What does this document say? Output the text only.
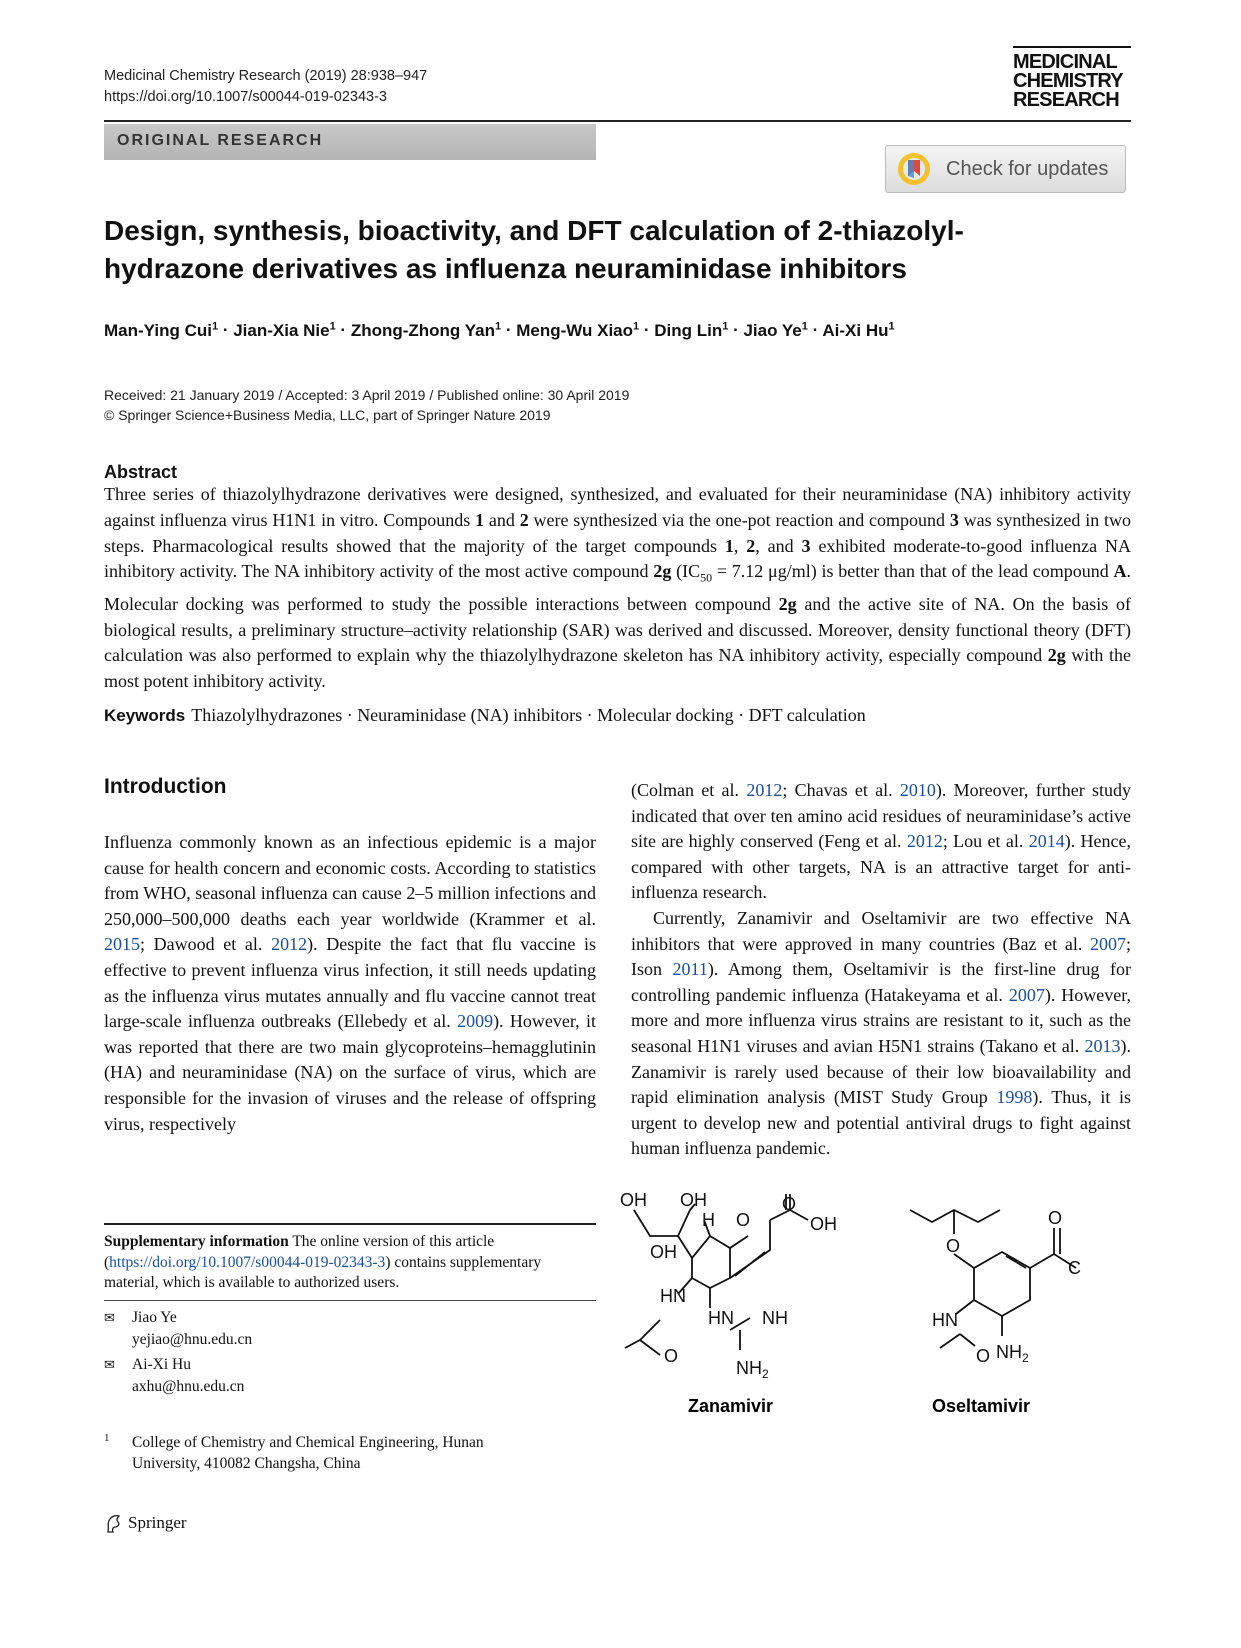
Medicinal Chemistry Research (2019) 28:938–947
https://doi.org/10.1007/s00044-019-02343-3
MEDICINAL
CHEMISTRY
RESEARCH
ORIGINAL RESEARCH
Check for updates
Design, synthesis, bioactivity, and DFT calculation of 2-thiazolyl-
hydrazone derivatives as influenza neuraminidase inhibitors
Man-Ying Cui$^1$ · Jian-Xia Nie$^1$ · Zhong-Zhong Yan$^1$ · Meng-Wu Xiao$^1$ · Ding Lin$^1$ · Jiao $Ye^1 \cdot Ai-Xi$ Hu$^1$
Received: 21 January 2019 / Accepted: 3 April 2019 / Published online: 30 April 2019
© Springer Science+Business Media, LLC, part of Springer Nature 2019
Abstract
Three series of thiazolylhydrazone derivatives were designed, synthesized, and evaluated for their neuraminidase (NA) inhibitory activity against influenza virus H1N1 in vitro. Compounds 1 and 2 were synthesized via the one-pot reaction and compound 3 was synthesized in two steps. Pharmacological results showed that the majority of the target compounds 1, 2, and 3 exhibited moderate-to-good influenza NA inhibitory activity. The NA inhibitory activity of the most active compound 2g ($IC_{50} = 7.12$ μg/ml) is better than that of the lead compound A. Molecular docking was performed to study the possible interactions between compound 2g and the active site of NA. On the basis of biological results, a preliminary structure–activity relationship (SAR) was derived and discussed. Moreover, density functional theory (DFT) calculation was also performed to explain why the thiazolylhydrazone skeleton has NA inhibitory activity, especially compound 2g with the most potent inhibitory activity.
Keywords Thiazolylhydrazones · Neuraminidase (NA) inhibitors · Molecular docking · DFT calculation
Introduction
Influenza commonly known as an infectious epidemic is a major cause for health concern and economic costs. According to statistics from WHO, seasonal influenza can cause 2–5 million infections and 250,000–500,000 deaths each year worldwide (Krammer et al. 2015; Dawood et al. 2012). Despite the fact that flu vaccine is effective to prevent influenza virus infection, it still needs updating as the influenza virus mutates annually and flu vaccine cannot treat large-scale influenza outbreaks (Ellebedy et al. 2009). However, it was reported that there are two main glycoproteins–hemagglutinin (HA) and neuraminidase (NA) on the surface of virus, which are responsible for the invasion of viruses and the release of offspring virus, respectively

(Colman et al. 2012; Chavas et al. 2010). Moreover, further study indicated that over ten amino acid residues of neuraminidase’s active site are highly conserved (Feng et al. 2012; Lou et al. 2014). Hence, compared with other targets, NA is an attractive target for anti-influenza research.

Currently, Zanamivir and Oseltamivir are two effective NA inhibitors that were approved in many countries (Baz et al. 2007; Ison 2011). Among them, Oseltamivir is the first-line drug for controlling pandemic influenza (Hatakeyama et al. 2007). However, more and more influenza virus strains are resistant to it, such as the seasonal H1N1 viruses and avian H5N1 strains (Takano et al. 2013). Zanamivir is rarely used because of their low bioavailability and rapid elimination analysis (MIST Study Group 1998). Thus, it is urgent to develop new and potential antiviral drugs to fight against human influenza pandemic.

Supplementary information The online version of this article (https://doi.org/10.1007/s00044-019-02343-3) contains supplementary material, which is available to authorized users.
✉ Jiao Ye
yejiao@hnu.edu.cn
✉ Ai-Xi Hu
axhu@hnu.edu.cn
1	College of Chemistry and Chemical Engineering, Hunan
University, 410082 Changsha, China
Springer
OH OH
H O
O
OH
OH
HN
HN NH
O
$NH_2$
Zanamivir
O
O
C
HN
O $NH_2$
Oseltamivir
